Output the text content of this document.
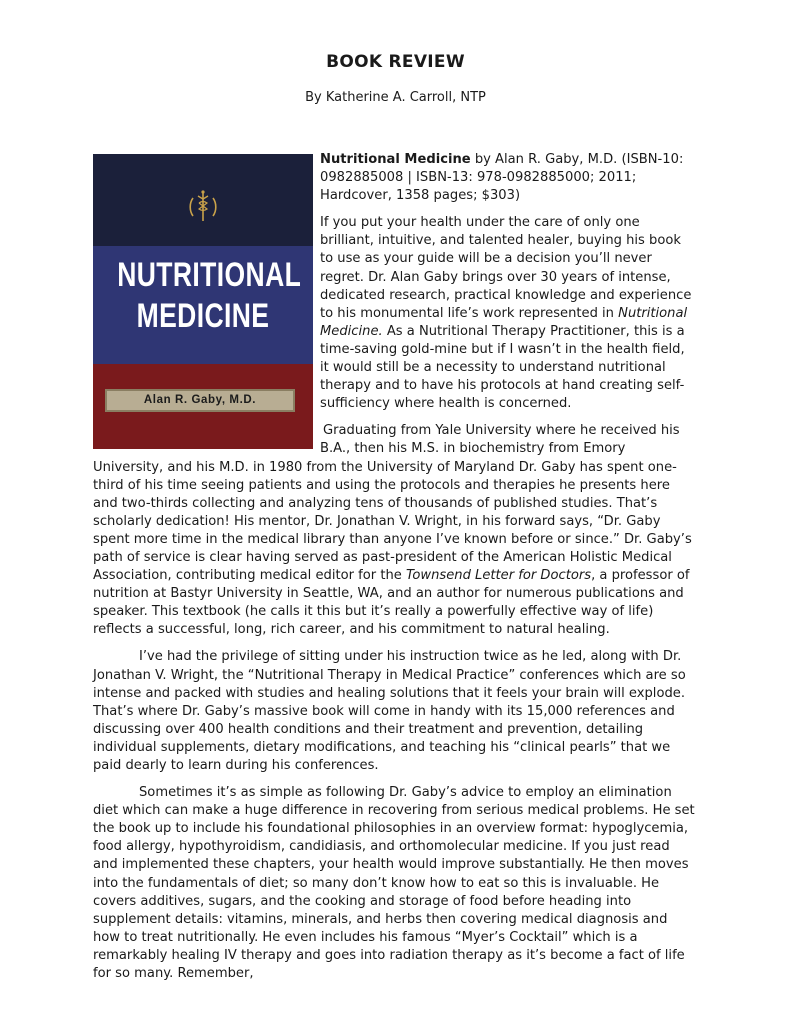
BOOK REVIEW
By Katherine A. Carroll, NTP
NUTRITIONAL
MEDICINE
Alan R. Gaby, M.D.

Nutritional Medicine by Alan R. Gaby, M.D. (ISBN-10: 0982885008 | ISBN-13: 978-0982885000; 2011; Hardcover, 1358 pages; $303)

If you put your health under the care of only one brilliant, intuitive, and talented healer, buying his book to use as your guide will be a decision you’ll never regret. Dr. Alan Gaby brings over 30 years of intense, dedicated research, practical knowledge and experience to his monumental life’s work represented in Nutritional Medicine. As a Nutritional Therapy Practitioner, this is a time-saving gold-mine but if I wasn’t in the health field, it would still be a necessity to understand nutritional therapy and to have his protocols at hand creating self-sufficiency where health is concerned.

Graduating from Yale University where he received his B.A., then his M.S. in biochemistry from Emory University, and his M.D. in 1980 from the University of Maryland Dr. Gaby has spent one-third of his time seeing patients and using the protocols and therapies he presents here and two-thirds collecting and analyzing tens of thousands of published studies. That’s scholarly dedication! His mentor, Dr. Jonathan V. Wright, in his forward says, “Dr. Gaby spent more time in the medical library than anyone I’ve known before or since.” Dr. Gaby’s path of service is clear having served as past-president of the American Holistic Medical Association, contributing medical editor for the Townsend Letter for Doctors, a professor of nutrition at Bastyr University in Seattle, WA, and an author for numerous publications and speaker. This textbook (he calls it this but it’s really a powerfully effective way of life) reflects a successful, long, rich career, and his commitment to natural healing.

I’ve had the privilege of sitting under his instruction twice as he led, along with Dr. Jonathan V. Wright, the “Nutritional Therapy in Medical Practice” conferences which are so intense and packed with studies and healing solutions that it feels your brain will explode. That’s where Dr. Gaby’s massive book will come in handy with its 15,000 references and discussing over 400 health conditions and their treatment and prevention, detailing individual supplements, dietary modifications, and teaching his “clinical pearls” that we paid dearly to learn during his conferences.

Sometimes it’s as simple as following Dr. Gaby’s advice to employ an elimination diet which can make a huge difference in recovering from serious medical problems. He set the book up to include his foundational philosophies in an overview format: hypoglycemia, food allergy, hypothyroidism, candidiasis, and orthomolecular medicine. If you just read and implemented these chapters, your health would improve substantially. He then moves into the fundamentals of diet; so many don’t know how to eat so this is invaluable. He covers additives, sugars, and the cooking and storage of food before heading into supplement details: vitamins, minerals, and herbs then covering medical diagnosis and how to treat nutritionally. He even includes his famous “Myer’s Cocktail” which is a remarkably healing IV therapy and goes into radiation therapy as it’s become a fact of life for so many. Remember,
